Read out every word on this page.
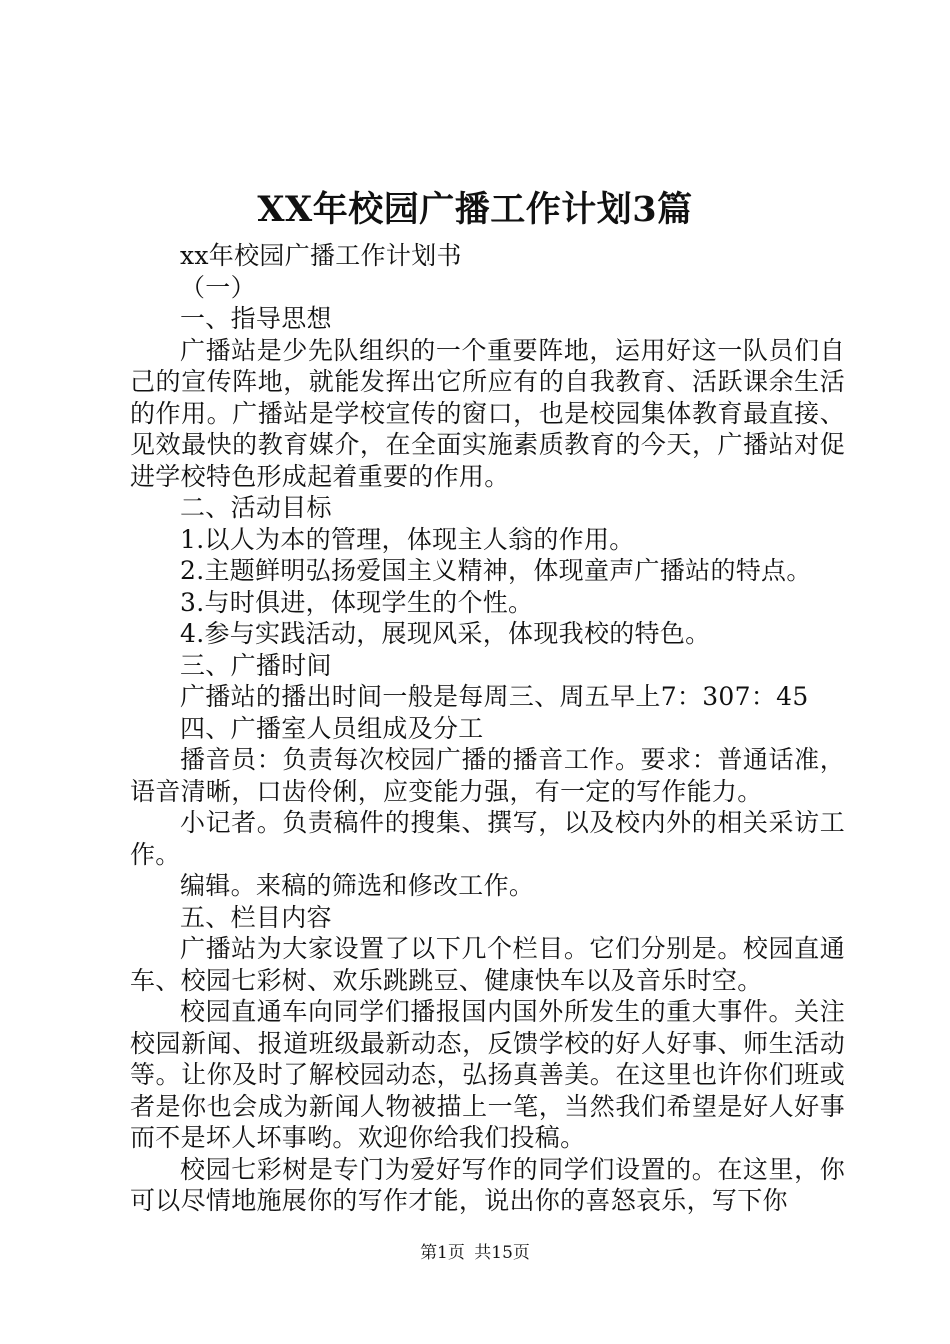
XX年校园广播工作计划3篇

xx年校园广播工作计划书

（一）

一、指导思想

广播站是少先队组织的一个重要阵地，运用好这一队员们自己的宣传阵地，就能发挥出它所应有的自我教育、活跃课余生活的作用。广播站是学校宣传的窗口，也是校园集体教育最直接、见效最快的教育媒介，在全面实施素质教育的今天，广播站对促进学校特色形成起着重要的作用。

二、活动目标

1.以人为本的管理，体现主人翁的作用。

2.主题鲜明弘扬爱国主义精神，体现童声广播站的特点。

3.与时俱进，体现学生的个性。

4.参与实践活动，展现风采，体现我校的特色。

三、广播时间

广播站的播出时间一般是每周三、周五早上7：307：45

四、广播室人员组成及分工

播音员：负责每次校园广播的播音工作。要求：普通话准，语音清晰，口齿伶俐，应变能力强，有一定的写作能力。

小记者。负责稿件的搜集、撰写，以及校内外的相关采访工作。

编辑。来稿的筛选和修改工作。

五、栏目内容

广播站为大家设置了以下几个栏目。它们分别是。校园直通车、校园七彩树、欢乐跳跳豆、健康快车以及音乐时空。

校园直通车向同学们播报国内国外所发生的重大事件。关注校园新闻、报道班级最新动态，反馈学校的好人好事、师生活动等。让你及时了解校园动态，弘扬真善美。在这里也许你们班或者是你也会成为新闻人物被描上一笔，当然我们希望是好人好事而不是坏人坏事哟。欢迎你给我们投稿。

校园七彩树是专门为爱好写作的同学们设置的。在这里，你可以尽情地施展你的写作才能，说出你的喜怒哀乐，写下你

第1页 共15页
